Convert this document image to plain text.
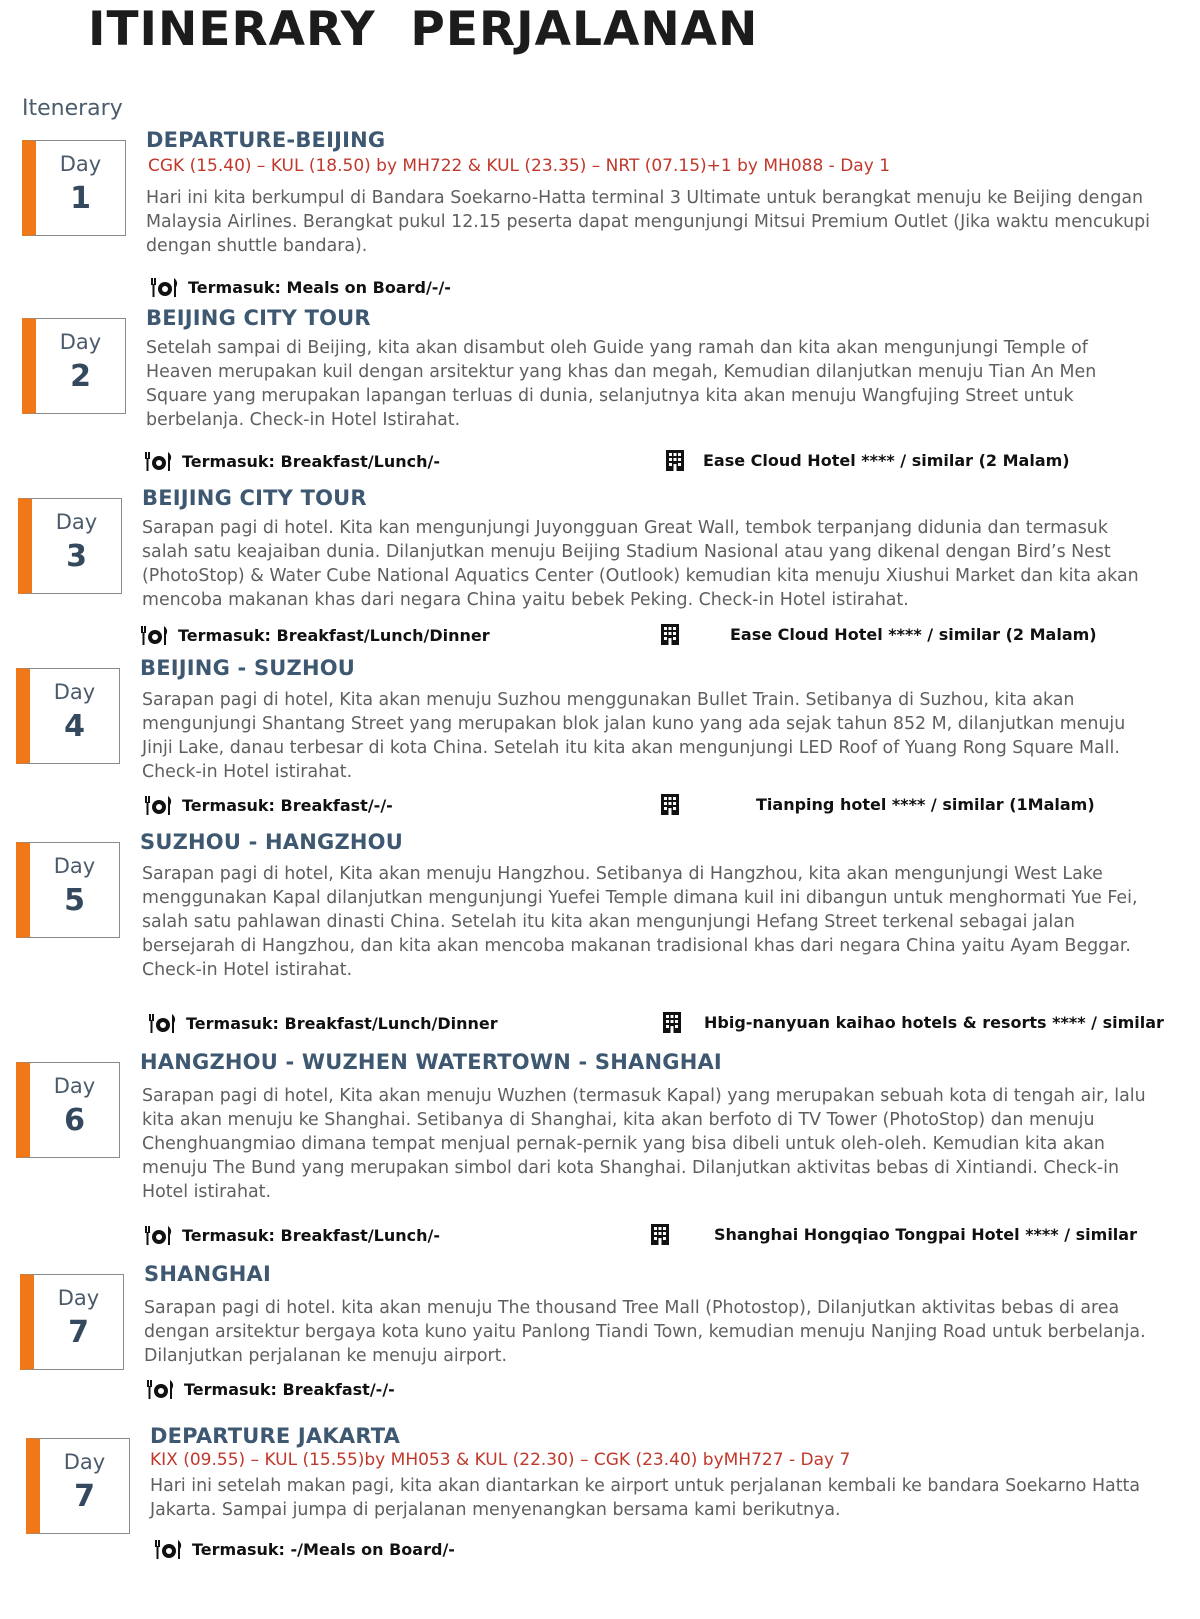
ITINERARY  PERJALANAN

Itenerary

Day
1
DEPARTURE-BEIJING

CGK (15.40) – KUL (18.50) by MH722 & KUL (23.35) – NRT (07.15)+1 by MH088 - Day 1

Hari ini kita berkumpul di Bandara Soekarno-Hatta terminal 3 Ultimate untuk berangkat menuju ke Beijing dengan Malaysia Airlines. Berangkat pukul 12.15 peserta dapat mengunjungi Mitsui Premium Outlet (Jika waktu mencukupi dengan shuttle bandara).

Termasuk: Meals on Board/-/-
Day
2
BEIJING CITY TOUR

Setelah sampai di Beijing, kita akan disambut oleh Guide yang ramah dan kita akan mengunjungi Temple of Heaven merupakan kuil dengan arsitektur yang khas dan megah, Kemudian dilanjutkan menuju Tian An Men Square yang merupakan lapangan terluas di dunia, selanjutnya kita akan menuju Wangfujing Street untuk berbelanja. Check-in Hotel Istirahat.

Termasuk: Breakfast/Lunch/-	Ease Cloud Hotel **** / similar (2 Malam)
Day
3
BEIJING CITY TOUR

Sarapan pagi di hotel. Kita kan mengunjungi Juyongguan Great Wall, tembok terpanjang didunia dan termasuk salah satu keajaiban dunia. Dilanjutkan menuju Beijing Stadium Nasional atau yang dikenal dengan Bird’s Nest (PhotoStop) & Water Cube National Aquatics Center (Outlook) kemudian kita menuju Xiushui Market dan kita akan mencoba makanan khas dari negara China yaitu bebek Peking. Check-in Hotel istirahat.

Termasuk: Breakfast/Lunch/Dinner	Ease Cloud Hotel **** / similar (2 Malam)
Day
4
BEIJING - SUZHOU

Sarapan pagi di hotel, Kita akan menuju Suzhou menggunakan Bullet Train. Setibanya di Suzhou, kita akan mengunjungi Shantang Street yang merupakan blok jalan kuno yang ada sejak tahun 852 M, dilanjutkan menuju Jinji Lake, danau terbesar di kota China. Setelah itu kita akan mengunjungi LED Roof of Yuang Rong Square Mall. Check-in Hotel istirahat.

Termasuk: Breakfast/-/-	Tianping hotel **** / similar (1Malam)
Day
5
SUZHOU - HANGZHOU

Sarapan pagi di hotel, Kita akan menuju Hangzhou. Setibanya di Hangzhou, kita akan mengunjungi West Lake menggunakan Kapal dilanjutkan mengunjungi Yuefei Temple dimana kuil ini dibangun untuk menghormati Yue Fei, salah satu pahlawan dinasti China. Setelah itu kita akan mengunjungi Hefang Street terkenal sebagai jalan bersejarah di Hangzhou, dan kita akan mencoba makanan tradisional khas dari negara China yaitu Ayam Beggar. Check-in Hotel istirahat.

Termasuk: Breakfast/Lunch/Dinner	Hbig-nanyuan kaihao hotels & resorts **** / similar
Day
6
HANGZHOU - WUZHEN WATERTOWN - SHANGHAI

Sarapan pagi di hotel, Kita akan menuju Wuzhen (termasuk Kapal) yang merupakan sebuah kota di tengah air, lalu kita akan menuju ke Shanghai. Setibanya di Shanghai, kita akan berfoto di TV Tower (PhotoStop) dan menuju Chenghuangmiao dimana tempat menjual pernak-pernik yang bisa dibeli untuk oleh-oleh. Kemudian kita akan menuju The Bund yang merupakan simbol dari kota Shanghai. Dilanjutkan aktivitas bebas di Xintiandi. Check-in Hotel istirahat.

Termasuk: Breakfast/Lunch/-	Shanghai Hongqiao Tongpai Hotel **** / similar
Day
7
SHANGHAI

Sarapan pagi di hotel. kita akan menuju The thousand Tree Mall (Photostop), Dilanjutkan aktivitas bebas di area dengan arsitektur bergaya kota kuno yaitu Panlong Tiandi Town, kemudian menuju Nanjing Road untuk berbelanja. Dilanjutkan perjalanan ke menuju airport.

Termasuk: Breakfast/-/-
Day
7
DEPARTURE JAKARTA

KIX (09.55) – KUL (15.55)by MH053 & KUL (22.30) – CGK (23.40) byMH727 - Day 7

Hari ini setelah makan pagi, kita akan diantarkan ke airport untuk perjalanan kembali ke bandara Soekarno Hatta Jakarta. Sampai jumpa di perjalanan menyenangkan bersama kami berikutnya.

Termasuk: -/Meals on Board/-
